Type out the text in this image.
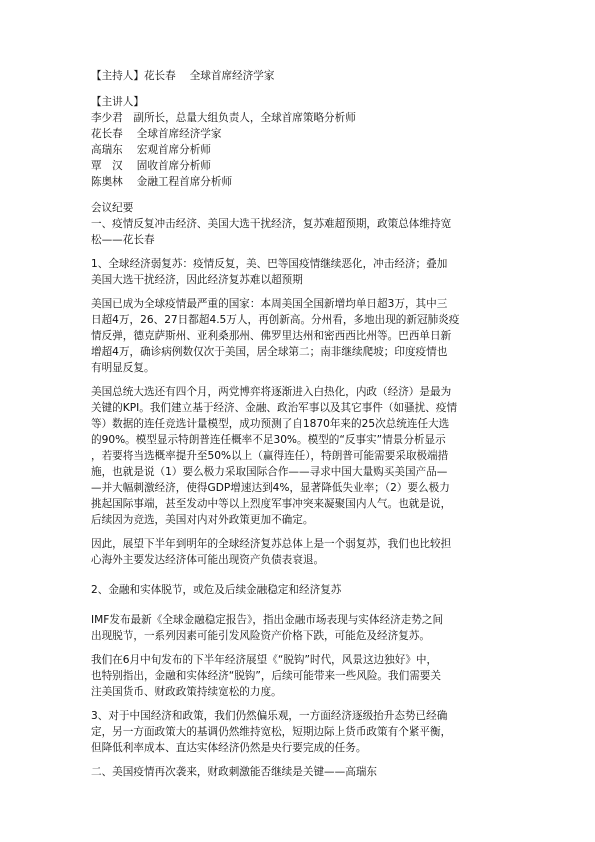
【主持人】花长春　 全球首席经济学家

【主讲人】

李少君　副所长，总量大组负责人，全球首席策略分析师

花长春　 全球首席经济学家

高瑞东　 宏观首席分析师

覃　汉　 固收首席分析师

陈奥林　 金融工程首席分析师

会议纪要

一、疫情反复冲击经济、美国大选干扰经济，复苏难超预期，政策总体维持宽

松——花长春

1、全球经济弱复苏：疫情反复，美、巴等国疫情继续恶化，冲击经济；叠加

美国大选干扰经济，因此经济复苏难以超预期

美国已成为全球疫情最严重的国家：本周美国全国新增均单日超3万，其中三

日超4万，26、27日都超4.5万人，再创新高。分州看，多地出现的新冠肺炎疫

情反弹，德克萨斯州、亚利桑那州、佛罗里达州和密西西比州等。巴西单日新

增超4万，确诊病例数仅次于美国，居全球第二；南非继续爬坡；印度疫情也

有明显反复。

美国总统大选还有四个月，两党博弈将逐渐进入白热化，内政（经济）是最为

关键的KPI。我们建立基于经济、金融、政治军事以及其它事件（如骚扰、疫情

等）数据的连任竞选计量模型，成功预测了自1870年来的25次总统连任大选

的90%。模型显示特朗普连任概率不足30%。模型的“反事实”情景分析显示

，若要将当选概率提升至50%以上（赢得连任），特朗普可能需要采取极端措

施，也就是说（1）要么极力采取国际合作——寻求中国大量购买美国产品—

—并大幅刺激经济，使得GDP增速达到4%，显著降低失业率；（2）要么极力

挑起国际事端，甚至发动中等以上烈度军事冲突来凝聚国内人气。也就是说，

后续因为竞选，美国对内对外政策更加不确定。

因此，展望下半年到明年的全球经济复苏总体上是一个弱复苏，我们也比较担

心海外主要发达经济体可能出现资产负债表衰退。

2、金融和实体脱节，或危及后续金融稳定和经济复苏

IMF发布最新《全球金融稳定报告》，指出金融市场表现与实体经济走势之间

出现脱节，一系列因素可能引发风险资产价格下跌，可能危及经济复苏。

我们在6月中旬发布的下半年经济展望《“脱钩”时代，风景这边独好》中，

也特别指出，金融和实体经济“脱钩”，后续可能带来一些风险。我们需要关

注美国货币、财政政策持续宽松的力度。

3、对于中国经济和政策，我们仍然偏乐观，一方面经济逐级抬升态势已经确

定，另一方面政策大的基调仍然维持宽松，短期边际上货币政策有个紧平衡，

但降低利率成本、直达实体经济仍然是央行要完成的任务。

二、美国疫情再次袭来，财政刺激能否继续是关键——高瑞东
